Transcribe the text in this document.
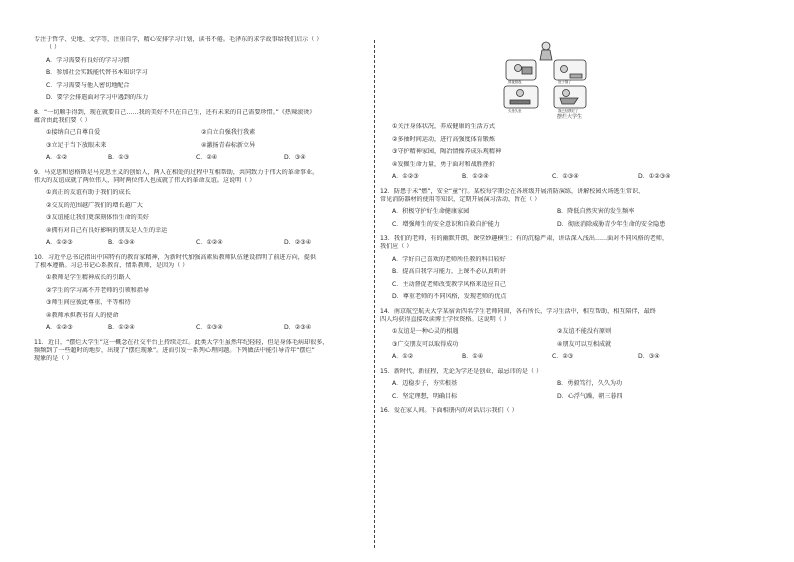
专注于哲学、史地、文学等，注重自学，精心安排学习计划，读书不倦。毛泽东的求学故事给我们启示（ ）

（ ）

A．学习需要有良好的学习习惯

B．参加社会实践能代替书本知识学习

C．学习需要与他人密切地配合

D．要学会排遣面对学习中遇到的压力

8．“一切顺手得到，现在就要自己……我的美好不只在自己生，还有未来的自己需要珍惜。”《热辣滚烫》

蕴含由此我们要（ ）

①接纳自己自尊自爱	②自立自强我行我素
③立足于当下放眼未来	④激扬青春标新立异
A．①②	B．①③	C．②④	D．③④

9．马克思和恩格斯是马克思主义的创始人，两人在相处的过程中互相帮助，共同致力于伟大的革命事业。

伟大的友谊成就了两位伟人，同时两位伟人也成就了伟大的革命友谊。这说明（ ）

①真正的友谊有助于我们的成长

②交友的范围越广我们的增长越广大

③友谊能让我们更深刻体悟生命的美好

④拥有对自己有良好影响的朋友是人生的幸运

A．①②③	B．①③④	C．①②④	D．②③④

10．习近平总书记指出中国特有的教育家精神，为新时代加强高素质教师队伍建设指明了前进方向，提供

了根本遵循。习总书记心系教育、情系教师，是因为（ ）

①教师是学生精神成长的引路人

②学生的学习离不开老师的引领和指导

③师生间应彼此尊重、平等相待

④教师承担教书育人的使命

A．①②③	B．①②④	C．①③④	D．②③④

11．近日，“摆烂大学生”这一概念在社交平台上持续走红。此类大学生虽然年纪轻轻，但是身体毛病却很多，

频频到了一些超时的地步，出现了“摆烂现象”。进而引发一系列心理问题。下列做法中能引导青年“摆烂”

现象的是（ ）

熬夜熬夜	肚子饿了
久坐久坐	我已经摆烂了
摆烂大学生

①关注身体状况，养成健康的生活方式

②多抽时间运动，进行高强度体育锻炼

③守护精神家园，陶冶情操养成乐观精神

④发掘生命力量，勇于面对和战胜挫折

A．①②③	B．①②④	C．①③④	D．①②③④

12．防患于未“燃”，安全“童”行。某校每学期会在各班级开展消防演练，讲解校园火场逃生常识、

常见消防器材的使用等知识，定期开展演习活动，旨在（ ）

A．积极守护好生命健康家园	B．降低自然灾害的发生频率
C．增强师生的安全意识和自救自护能力	D．彻底消除威胁青少年生命的安全隐患

13．我们的老师，有的幽默开朗，课堂妙趣横生；有的沉稳严肃，讲话深入浅出……面对不同风格的老师，

我们应（ ）

A．学好自己喜欢的老师所任教的科目较好

B．提高自我学习能力，上课不必认真听讲

C．主动督促老师改变教学风格来适应自己

D．尊重老师的不同风格，发现老师的优点

14．南京航空航天大学某宿舍四名学生老师同窗，各有所长，学习生活中，相互帮助，相互陪伴，最终

四人均获得直接攻读博士学位资格。这说明（ ）

①友谊是一种心灵的相遇	②友谊不能没有原则
③广交朋友可以取得成功	④朋友可以互相成就
A．①②	B．①④	C．②③	D．③④

15．新时代，新征程，无论为学还是创业，最忌讳的是（ ）

A．迈稳步子，夯实根基	B．勇毅笃行，久久为功
C．坚定理想，明确目标	D．心浮气躁，朝三暮四

16．爱在家人间。下面相册内的对话启示我们（ ）
